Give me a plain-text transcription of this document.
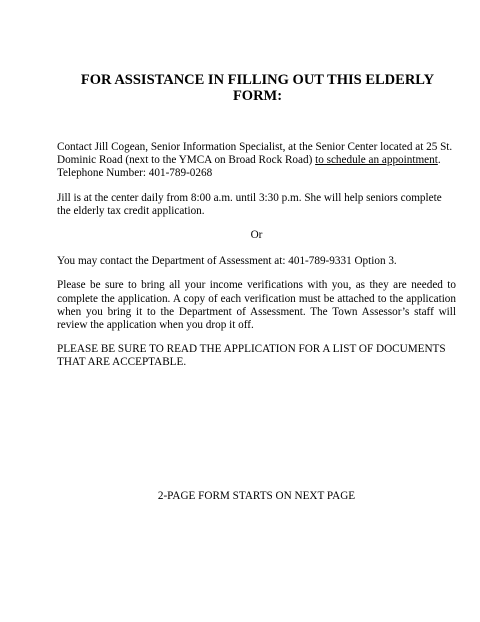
FOR ASSISTANCE IN FILLING OUT THIS ELDERLY
FORM:

Contact Jill Cogean, Senior Information Specialist, at the Senior Center located at 25 St. Dominic Road (next to the YMCA on Broad Rock Road) to schedule an appointment.
Telephone Number: 401-789-0268

Jill is at the center daily from 8:00 a.m. until 3:30 p.m. She will help seniors complete the elderly tax credit application.

Or

You may contact the Department of Assessment at: 401-789-9331 Option 3.

Please be sure to bring all your income verifications with you, as they are needed to complete the application. A copy of each verification must be attached to the application when you bring it to the Department of Assessment. The Town Assessor’s staff will review the application when you drop it off.

PLEASE BE SURE TO READ THE APPLICATION FOR A LIST OF DOCUMENTS THAT ARE ACCEPTABLE.

2-PAGE FORM STARTS ON NEXT PAGE
